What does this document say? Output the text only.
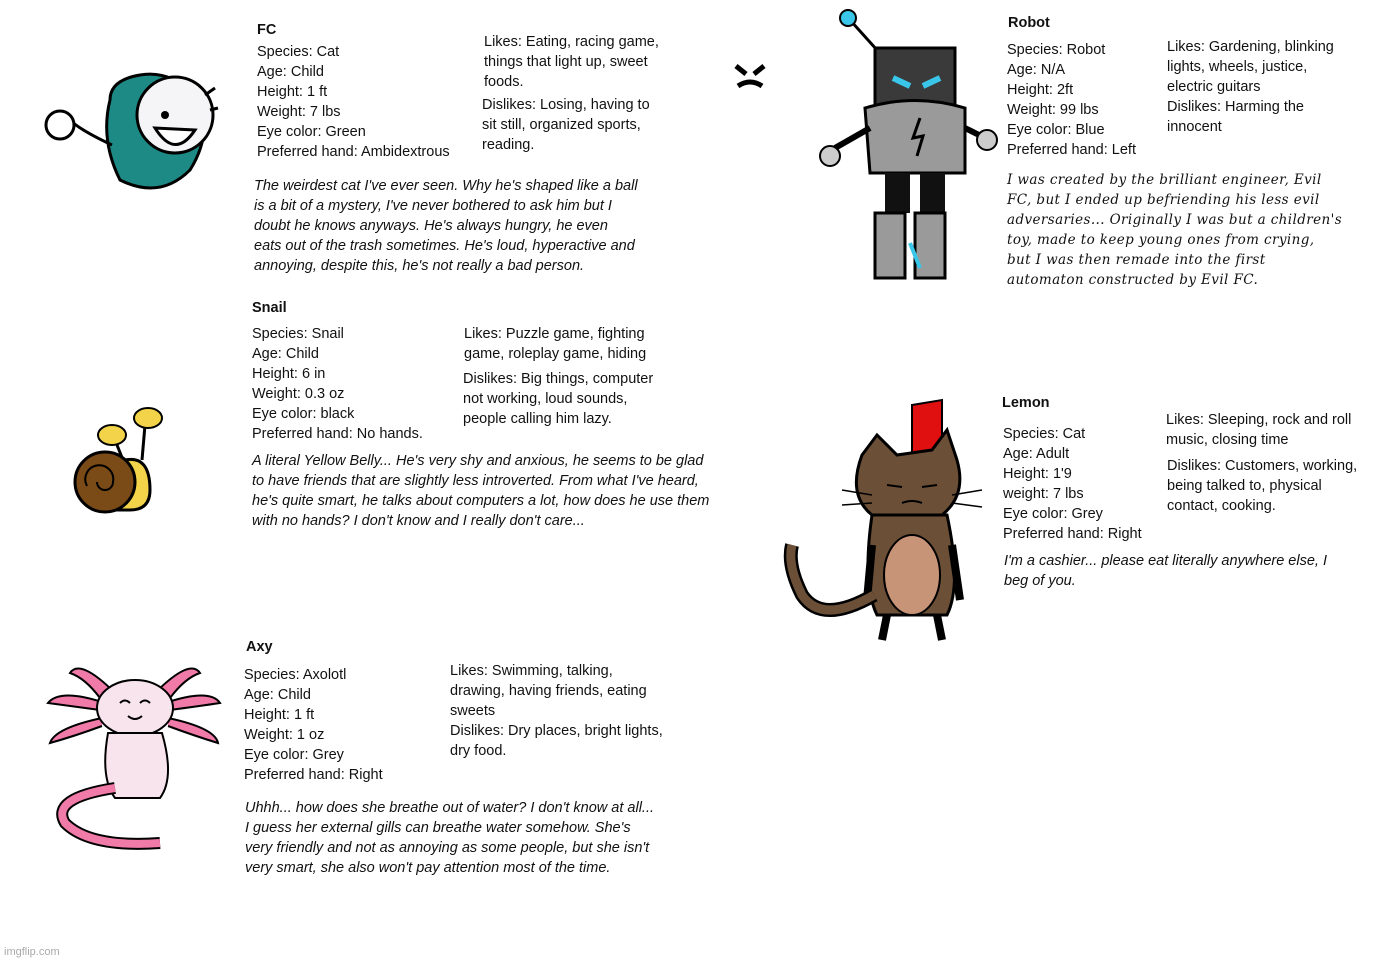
FC
Species: Cat
Age: Child
Height: 1 ft
Weight: 7 lbs
Eye color: Green
Preferred hand: Ambidextrous
Likes: Eating, racing game,
things that light up, sweet
foods.
Dislikes: Losing, having to
sit still, organized sports,
reading.
The weirdest cat I've ever seen. Why he's shaped like a ball
is a bit of a mystery, I've never bothered to ask him but I
doubt he knows anyways. He's always hungry, he even
eats out of the trash sometimes. He's loud, hyperactive and
annoying, despite this, he's not really a bad person.
Robot
Species: Robot
Age: N/A
Height: 2ft
Weight: 99 lbs
Eye color: Blue
Preferred hand: Left
Likes: Gardening, blinking
lights, wheels, justice,
electric guitars
Dislikes: Harming the
innocent
I was created by the brilliant engineer, Evil
FC, but I ended up befriending his less evil
adversaries... Originally I was but a children's
toy, made to keep young ones from crying,
but I was then remade into the first
automaton constructed by Evil FC.
Snail
Species: Snail
Age: Child
Height: 6 in
Weight: 0.3 oz
Eye color: black
Preferred hand: No hands.
Likes: Puzzle game, fighting
game, roleplay game, hiding
Dislikes: Big things, computer
not working, loud sounds,
people calling him lazy.
A literal Yellow Belly... He's very shy and anxious, he seems to be glad
to have friends that are slightly less introverted. From what I've heard,
he's quite smart, he talks about computers a lot, how does he use them
with no hands? I don't know and I really don't care...
Lemon
Species: Cat
Age: Adult
Height: 1'9
weight: 7 lbs
Eye color: Grey
Preferred hand: Right
Likes: Sleeping, rock and roll
music, closing time
Dislikes: Customers, working,
being talked to, physical
contact, cooking.
I'm a cashier... please eat literally anywhere else, I
beg of you.
Axy
Species: Axolotl
Age: Child
Height: 1 ft
Weight: 1 oz
Eye color: Grey
Preferred hand: Right
Likes: Swimming, talking,
drawing, having friends, eating
sweets
Dislikes: Dry places, bright lights,
dry food.
Uhhh... how does she breathe out of water? I don't know at all...
I guess her external gills can breathe water somehow. She's
very friendly and not as annoying as some people, but she isn't
very smart, she also won't pay attention most of the time.
imgflip.com
